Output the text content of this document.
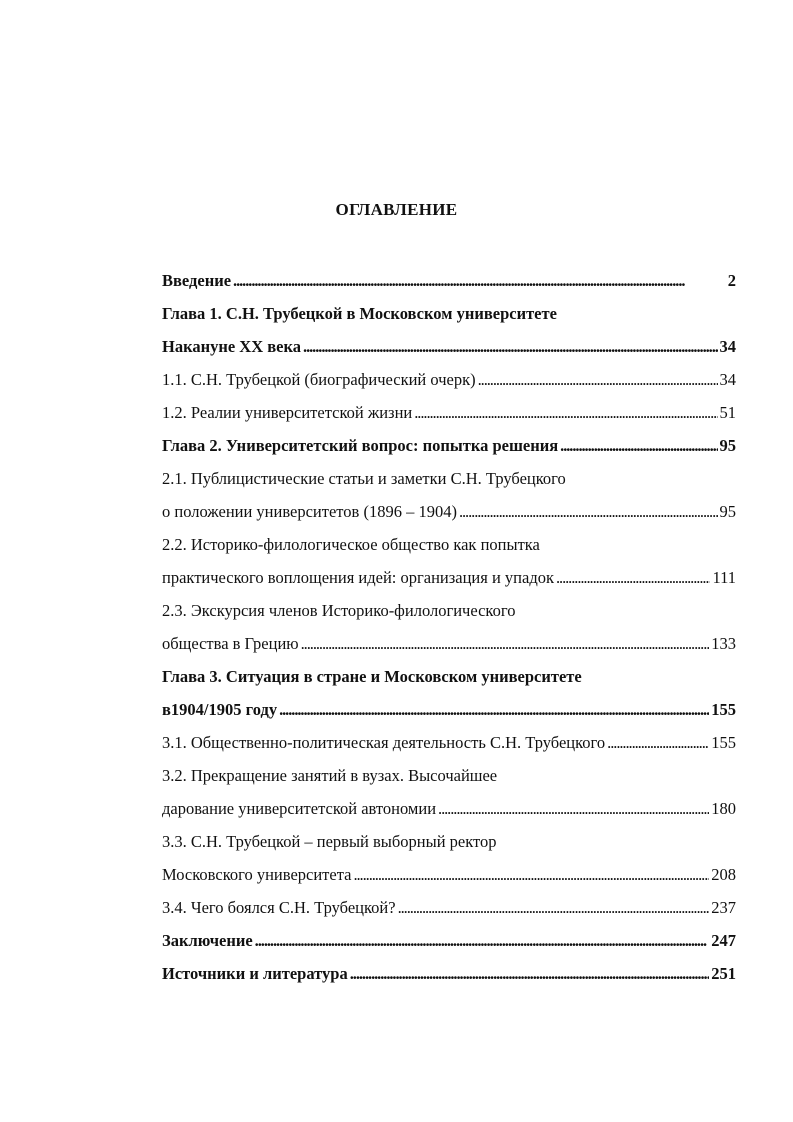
ОГЛАВЛЕНИЕ
Введение . . .	2
Глава 1. С.Н. Трубецкой в Московском университете
Накануне XX века . . .	34
1.1. С.Н. Трубецкой (биографический очерк) . . .	34
1.2. Реалии университетской жизни . . .	51
Глава 2. Университетский вопрос: попытка решения . . .	95
2.1. Публицистические статьи и заметки С.Н. Трубецкого
о положении университетов (1896 – 1904) . . .	95
2.2. Историко-филологическое общество как попытка
практического воплощения идей: организация и упадок . . .	111
2.3. Экскурсия членов Историко-филологического
общества в Грецию . . .	133
Глава 3. Ситуация в стране и Московском университете
в1904/1905 году . . .	155
3.1. Общественно-политическая деятельность С.Н. Трубецкого . . .	155
3.2. Прекращение занятий в вузах. Высочайшее
дарование университетской автономии . . .	180
3.3. С.Н. Трубецкой – первый выборный ректор
Московского университета . . .	208
3.4. Чего боялся С.Н. Трубецкой? . . .	237
Заключение . . .	247
Источники и литература . . .	251
